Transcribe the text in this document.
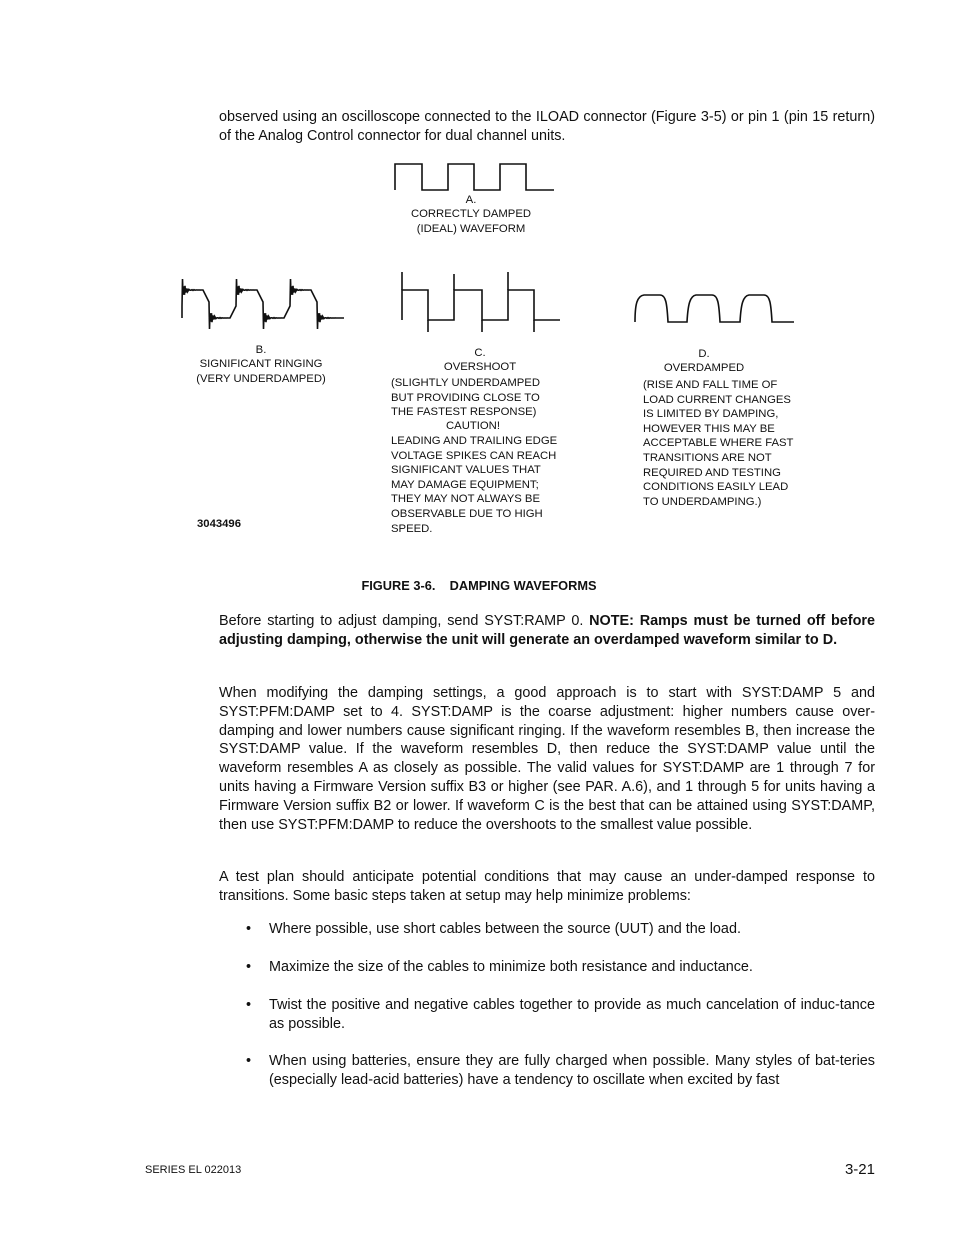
observed using an oscilloscope connected to the ILOAD connector (Figure 3-5) or pin 1 (pin 15 return) of the Analog Control connector for dual channel units.

A.

CORRECTLY DAMPED
(IDEAL) WAVEFORM

B.

SIGNIFICANT RINGING
(VERY UNDERDAMPED)

C.

OVERSHOOT

(SLIGHTLY UNDERDAMPED
BUT PROVIDING CLOSE TO
THE FASTEST RESPONSE)

CAUTION!

LEADING AND TRAILING EDGE
VOLTAGE SPIKES CAN REACH
SIGNIFICANT VALUES THAT
MAY DAMAGE EQUIPMENT;
THEY MAY NOT ALWAYS BE
OBSERVABLE DUE TO HIGH
SPEED.

D.

OVERDAMPED

(RISE AND FALL TIME OF
LOAD CURRENT CHANGES
IS LIMITED BY DAMPING,
HOWEVER THIS MAY BE
ACCEPTABLE WHERE FAST
TRANSITIONS ARE NOT
REQUIRED AND TESTING
CONDITIONS EASILY LEAD
TO UNDERDAMPING.)

3043496

FIGURE 3-6.    DAMPING WAVEFORMS

Before starting to adjust damping, send SYST:RAMP 0. NOTE: Ramps must be turned off before adjusting damping, otherwise the unit will generate an overdamped waveform similar to D.

When modifying the damping settings, a good approach is to start with SYST:DAMP 5 and SYST:PFM:DAMP set to 4. SYST:DAMP is the coarse adjustment: higher numbers cause over-damping and lower numbers cause significant ringing. If the waveform resembles B, then increase the SYST:DAMP value. If the waveform resembles D, then reduce the SYST:DAMP value until the waveform resembles A as closely as possible. The valid values for SYST:DAMP are 1 through 7 for units having a Firmware Version suffix B3 or higher (see PAR. A.6), and 1 through 5 for units having a Firmware Version suffix B2 or lower. If waveform C is the best that can be attained using SYST:DAMP, then use SYST:PFM:DAMP to reduce the overshoots to the smallest value possible.

A test plan should anticipate potential conditions that may cause an under-damped response to transitions. Some basic steps taken at setup may help minimize problems:

• Where possible, use short cables between the source (UUT) and the load.

• Maximize the size of the cables to minimize both resistance and inductance.

• Twist the positive and negative cables together to provide as much cancelation of induc-tance as possible.

• When using batteries, ensure they are fully charged when possible. Many styles of bat-teries (especially lead-acid batteries) have a tendency to oscillate when excited by fast

SERIES EL 022013	3-21
